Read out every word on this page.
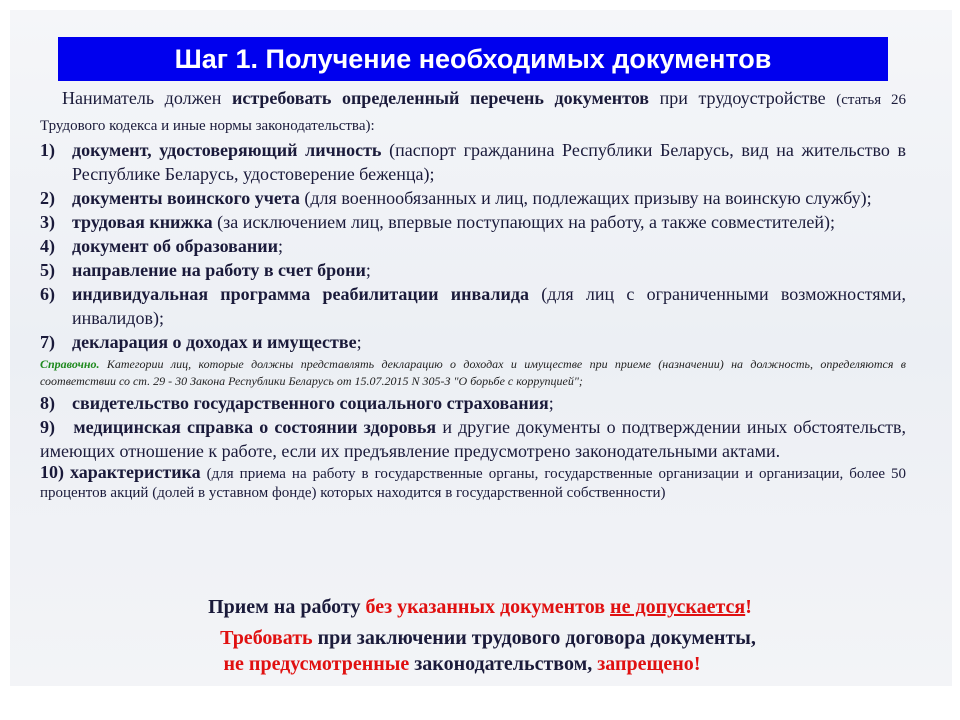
Шаг 1. Получение необходимых документов
Наниматель должен истребовать определенный перечень документов при трудоустройстве (статья 26 Трудового кодекса и иные нормы законодательства):
1) документ, удостоверяющий личность (паспорт гражданина Республики Беларусь, вид на жительство в Республике Беларусь, удостоверение беженца);
2) документы воинского учета (для военнообязанных и лиц, подлежащих призыву на воинскую службу);
3) трудовая книжка (за исключением лиц, впервые поступающих на работу, а также совместителей);
4) документ об образовании;
5) направление на работу в счет брони;
6) индивидуальная программа реабилитации инвалида (для лиц с ограниченными возможностями, инвалидов);
7) декларация о доходах и имуществе;
Справочно. Категории лиц, которые должны представлять декларацию о доходах и имуществе при приеме (назначении) на должность, определяются в соответствии со ст. 29 - 30 Закона Республики Беларусь от 15.07.2015 N 305-З "О борьбе с коррупцией";
8) свидетельство государственного социального страхования;
9) медицинская справка о состоянии здоровья и другие документы о подтверждении иных обстоятельств, имеющих отношение к работе, если их предъявление предусмотрено законодательными актами.
10) характеристика (для приема на работу в государственные органы, государственные организации и организации, более 50 процентов акций (долей в уставном фонде) которых находится в государственной собственности)
Прием на работу без указанных документов не допускается!
Требовать при заключении трудового договора документы,
не предусмотренные законодательством, запрещено!
